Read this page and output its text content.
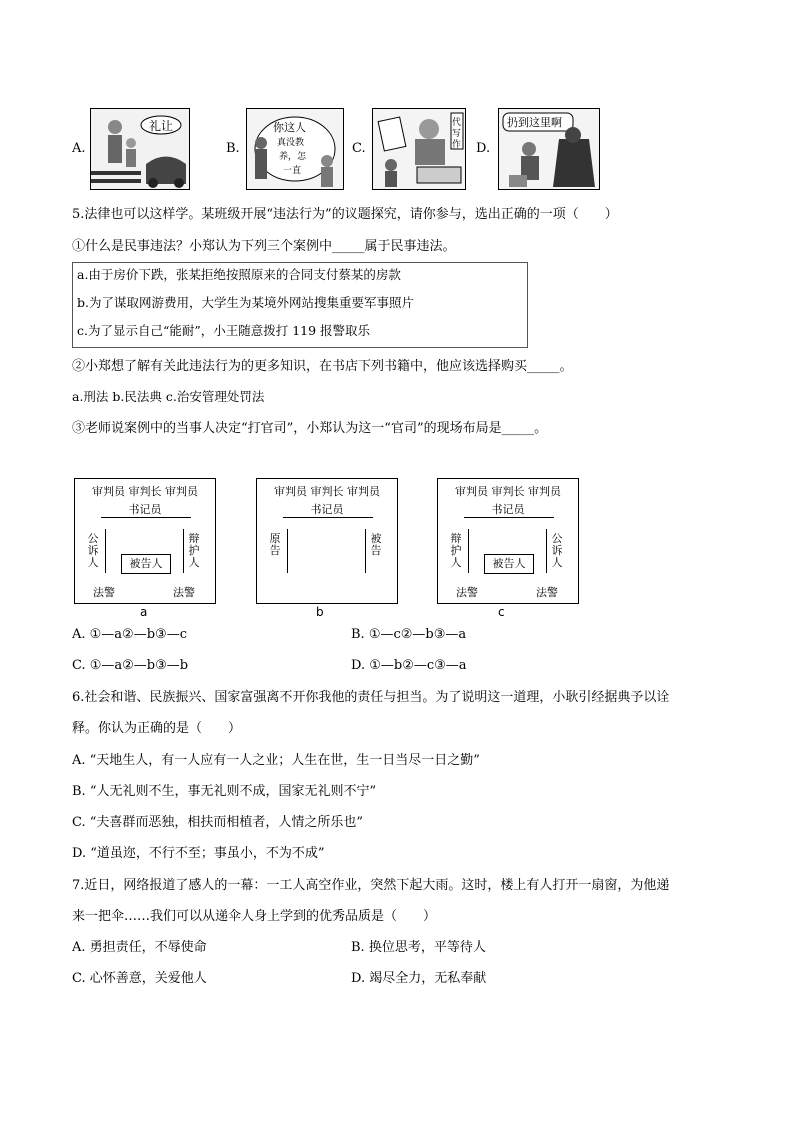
A.
礼让
B.
你这人
真没教
养，怎
一直
C.
代
写
作 D.
扔到这里啊
5.法律也可以这样学。某班级开展“违法行为”的议题探究，请你参与，选出正确的一项（　　）
①什么是民事违法？小郑认为下列三个案例中_____属于民事违法。
a.由于房价下跌，张某拒绝按照原来的合同支付蔡某的房款
b.为了谋取网游费用，大学生为某境外网站搜集重要军事照片
c.为了显示自己“能耐”，小王随意拨打 119 报警取乐
②小郑想了解有关此违法行为的更多知识，在书店下列书籍中，他应该选择购买_____。
a.刑法 b.民法典 c.治安管理处罚法
③老师说案例中的当事人决定“打官司”，小郑认为这一“官司”的现场布局是_____。
审判员 审判长 审判员
书记员
公诉人
辩护人
被告人
法警	法警
a
审判员 审判长 审判员
书记员
原告
被告
b
审判员 审判长 审判员
书记员
辩护人
公诉人
被告人
法警	法警
c
A. ①—a②—b③—c	B. ①—c②—b③—a
C. ①—a②—b③—b	D. ①—b②—c③—a
6.社会和谐、民族振兴、国家富强离不开你我他的责任与担当。为了说明这一道理，小耿引经据典予以诠
释。你认为正确的是（　　）
A. “天地生人，有一人应有一人之业；人生在世，生一日当尽一日之勤”
B. “人无礼则不生，事无礼则不成，国家无礼则不宁”
C. “夫喜群而恶独，相扶而相植者，人情之所乐也”
D. “道虽迩，不行不至；事虽小，不为不成”
7.近日，网络报道了感人的一幕：一工人高空作业，突然下起大雨。这时，楼上有人打开一扇窗，为他递
来一把伞……我们可以从递伞人身上学到的优秀品质是（　　）
A. 勇担责任，不辱使命	B. 换位思考，平等待人
C. 心怀善意，关爱他人	D. 竭尽全力，无私奉献
